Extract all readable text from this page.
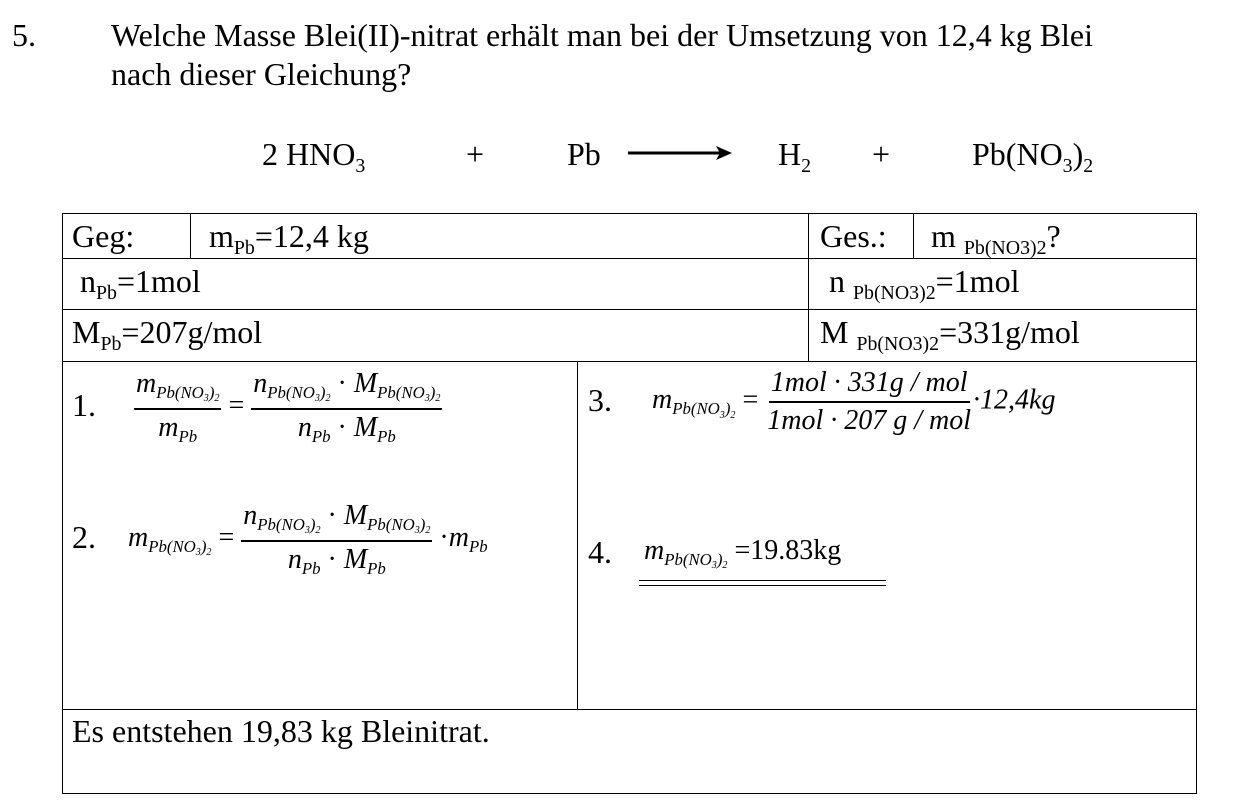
5. Welche Masse Blei(II)-nitrat erhält man bei der Umsetzung von 12,4 kg Blei
nach dieser Gleichung?
2 $HNO_3$	+	Pb	$H_2$ +	$Pb(NO_3)_2$
Geg: $m_{Pb}=12,4$ kg	Ges.: m $_{Pb(NO3)2}$?
$n_{Pb}=1mol$	n $_{Pb(NO3)2}$=1mol
$M_{Pb}=207g$/mol	M $_{Pb(NO3)2}$=331g/mol
1. $\frac{m_{Pb(NO_3)_2}}{m_{Pb}} = \frac{n_{Pb(NO_3)_2} \cdot M_{Pb(NO_3)_2}}{n_{Pb} \cdot M_{Pb}}$
2. $m_{Pb(NO_3)_2} = \frac{n_{Pb(NO_3)_2} \cdot M_{Pb(NO_3)_2}}{n_{Pb} \cdot M_{Pb}} \cdot m_{Pb}$
3. $m_{Pb(NO_3)_2} = \frac{\text{1mol · 331g / mol}}{\text{1mol · 207 g / mol}} \cdot 12,4kg$
4. $m_{Pb(NO_3)_2} =19.83kg$
Es entstehen 19,83 kg Bleinitrat.
